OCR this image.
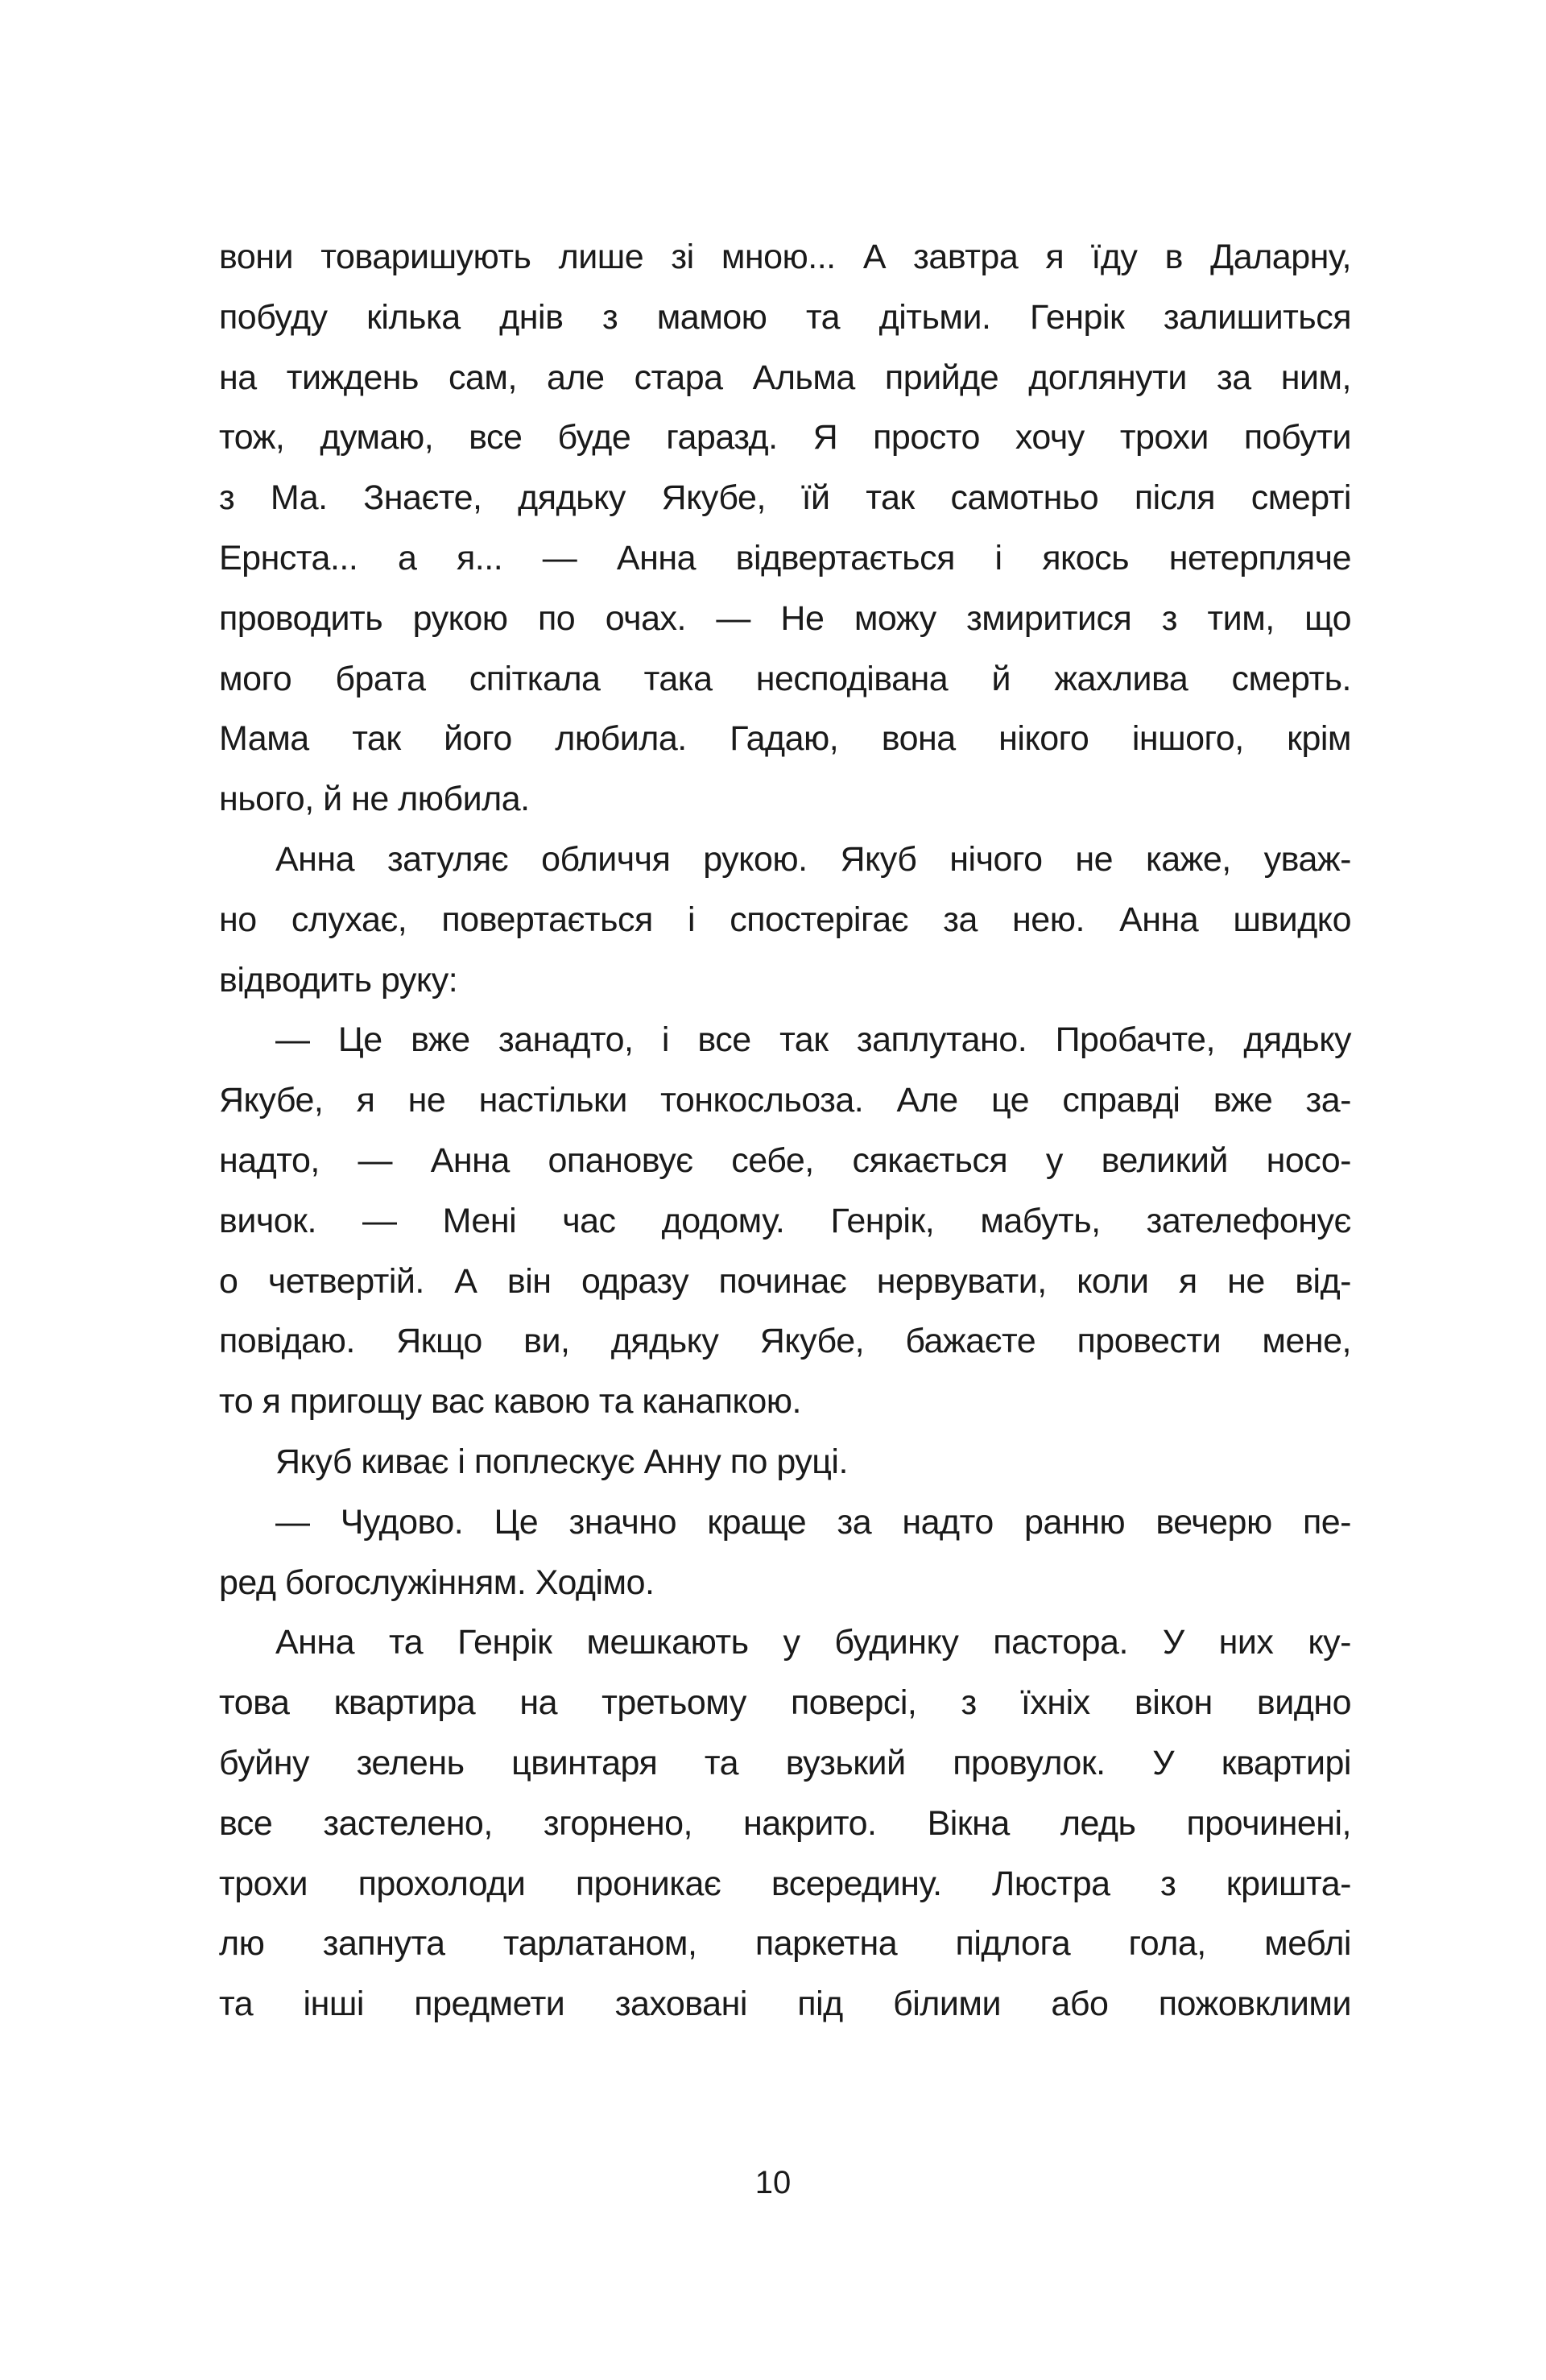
вони товаришують лише зі мною... А завтра я їду в Даларну,
побуду кілька днів з мамою та дітьми. Генрік залишиться
на тиждень сам, але стара Альма прийде доглянути за ним,
тож, думаю, все буде гаразд. Я просто хочу трохи побути
з Ма. Знаєте, дядьку Якубе, їй так самотньо після смерті
Ернста... а я... — Анна відвертається і якось нетерпляче
проводить рукою по очах. — Не можу змиритися з тим, що
мого брата спіткала така несподівана й жахлива смерть.
Мама так його любила. Гадаю, вона нікого іншого, крім
нього, й не любила.
Анна затуляє обличчя рукою. Якуб нічого не каже, уваж-
но слухає, повертається і спостерігає за нею. Анна швидко
відводить руку:
— Це вже занадто, і все так заплутано. Пробачте, дядьку
Якубе, я не настільки тонкосльоза. Але це справді вже за-
надто, — Анна опановує себе, сякається у великий носо-
вичок. — Мені час додому. Генрік, мабуть, зателефонує
о четвертій. А він одразу починає нервувати, коли я не від-
повідаю. Якщо ви, дядьку Якубе, бажаєте провести мене,
то я пригощу вас кавою та канапкою.
Якуб киває і поплескує Анну по руці.
— Чудово. Це значно краще за надто ранню вечерю пе-
ред богослужінням. Ходімо.
Анна та Генрік мешкають у будинку пастора. У них ку-
това квартира на третьому поверсі, з їхніх вікон видно
буйну зелень цвинтаря та вузький провулок. У квартирі
все застелено, згорнено, накрито. Вікна ледь прочинені,
трохи прохолоди проникає всередину. Люстра з кришта-
лю запнута тарлатаном, паркетна підлога гола, меблі
та інші предмети заховані під білими або пожовклими
10
